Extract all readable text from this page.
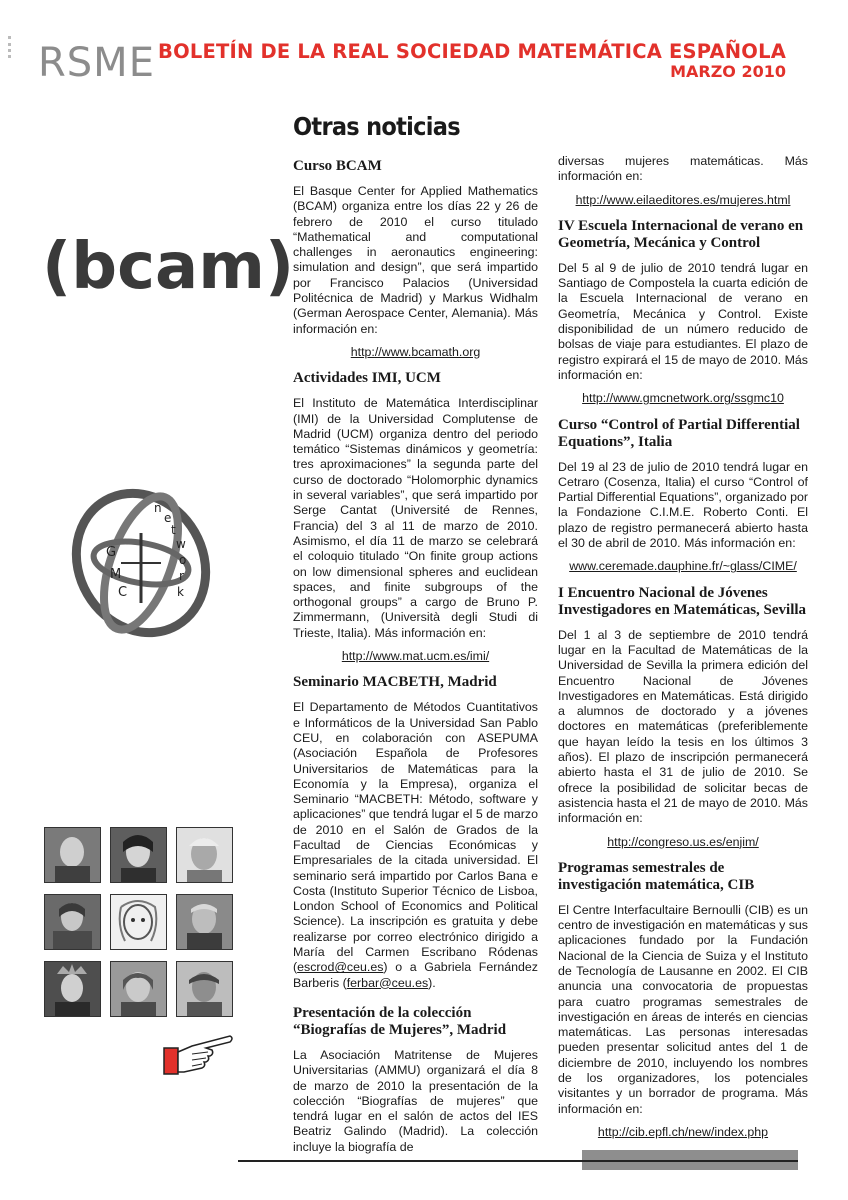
RSME BOLETÍN DE LA REAL SOCIEDAD MATEMÁTICA ESPAÑOLA
MARZO 2010
Otras noticias
(bcam)
G
M
C
n
e
t
w
o
r
k
Curso BCAM

El Basque Center for Applied Mathematics (BCAM) organiza entre los días 22 y 26 de febrero de 2010 el curso titulado “Mathematical and computational challenges in aeronautics engineering: simulation and design”, que será impartido por Francisco Palacios (Universidad Politécnica de Madrid) y Markus Widhalm (German Aerospace Center, Alemania). Más información en:

http://www.bcamath.org
Actividades IMI, UCM

El Instituto de Matemática Interdisciplinar (IMI) de la Universidad Complutense de Madrid (UCM) organiza dentro del periodo temático “Sistemas dinámicos y geometría: tres aproximaciones” la segunda parte del curso de doctorado “Holomorphic dynamics in several variables”, que será impartido por Serge Cantat (Université de Rennes, Francia) del 3 al 11 de marzo de 2010. Asimismo, el día 11 de marzo se celebrará el coloquio titulado “On finite group actions on low dimensional spheres and euclidean spaces, and finite subgroups of the orthogonal groups” a cargo de Bruno P. Zimmermann, (Università degli Studi di Trieste, Italia). Más información en:

http://www.mat.ucm.es/imi/
Seminario MACBETH, Madrid

El Departamento de Métodos Cuantitativos e Informáticos de la Universidad San Pablo CEU, en colaboración con ASEPUMA (Asociación Española de Profesores Universitarios de Matemáticas para la Economía y la Empresa), organiza el Seminario “MACBETH: Método, software y aplicaciones” que tendrá lugar el 5 de marzo de 2010 en el Salón de Grados de la Facultad de Ciencias Económicas y Empresariales de la citada universidad. El seminario será impartido por Carlos Bana e Costa (Instituto Superior Técnico de Lisboa, London School of Economics and Political Science). La inscripción es gratuita y debe realizarse por correo electrónico dirigido a María del Carmen Escribano Ródenas (escrod@ceu.es) o a Gabriela Fernández Barberis (ferbar@ceu.es).

Presentación de la colección “Biografías de Mujeres”, Madrid

La Asociación Matritense de Mujeres Universitarias (AMMU) organizará el día 8 de marzo de 2010 la presentación de la colección “Biografías de mujeres” que tendrá lugar en el salón de actos del IES Beatriz Galindo (Madrid). La colección incluye la biografía de

diversas mujeres matemáticas. Más información en:

http://www.eilaeditores.es/mujeres.html
IV Escuela Internacional de verano en Geometría, Mecánica y Control

Del 5 al 9 de julio de 2010 tendrá lugar en Santiago de Compostela la cuarta edición de la Escuela Internacional de verano en Geometría, Mecánica y Control. Existe disponibilidad de un número reducido de bolsas de viaje para estudiantes. El plazo de registro expirará el 15 de mayo de 2010. Más información en:

http://www.gmcnetwork.org/ssgmc10
Curso “Control of Partial Differential Equations”, Italia

Del 19 al 23 de julio de 2010 tendrá lugar en Cetraro (Cosenza, Italia) el curso “Control of Partial Differential Equations”, organizado por la Fondazione C.I.M.E. Roberto Conti. El plazo de registro permanecerá abierto hasta el 30 de abril de 2010. Más información en:

www.ceremade.dauphine.fr/~glass/CIME/
I Encuentro Nacional de Jóvenes Investigadores en Matemáticas, Sevilla

Del 1 al 3 de septiembre de 2010 tendrá lugar en la Facultad de Matemáticas de la Universidad de Sevilla la primera edición del Encuentro Nacional de Jóvenes Investigadores en Matemáticas. Está dirigido a alumnos de doctorado y a jóvenes doctores en matemáticas (preferiblemente que hayan leído la tesis en los últimos 3 años). El plazo de inscripción permanecerá abierto hasta el 31 de julio de 2010. Se ofrece la posibilidad de solicitar becas de asistencia hasta el 21 de mayo de 2010. Más información en:

http://congreso.us.es/enjim/
Programas semestrales de investigación matemática, CIB

El Centre Interfacultaire Bernoulli (CIB) es un centro de investigación en matemáticas y sus aplicaciones fundado por la Fundación Nacional de la Ciencia de Suiza y el Instituto de Tecnología de Lausanne en 2002. El CIB anuncia una convocatoria de propuestas para cuatro programas semestrales de investigación en áreas de interés en ciencias matemáticas. Las personas interesadas pueden presentar solicitud antes del 1 de diciembre de 2010, incluyendo los nombres de los organizadores, los potenciales visitantes y un borrador de programa. Más información en:

http://cib.epfl.ch/new/index.php
